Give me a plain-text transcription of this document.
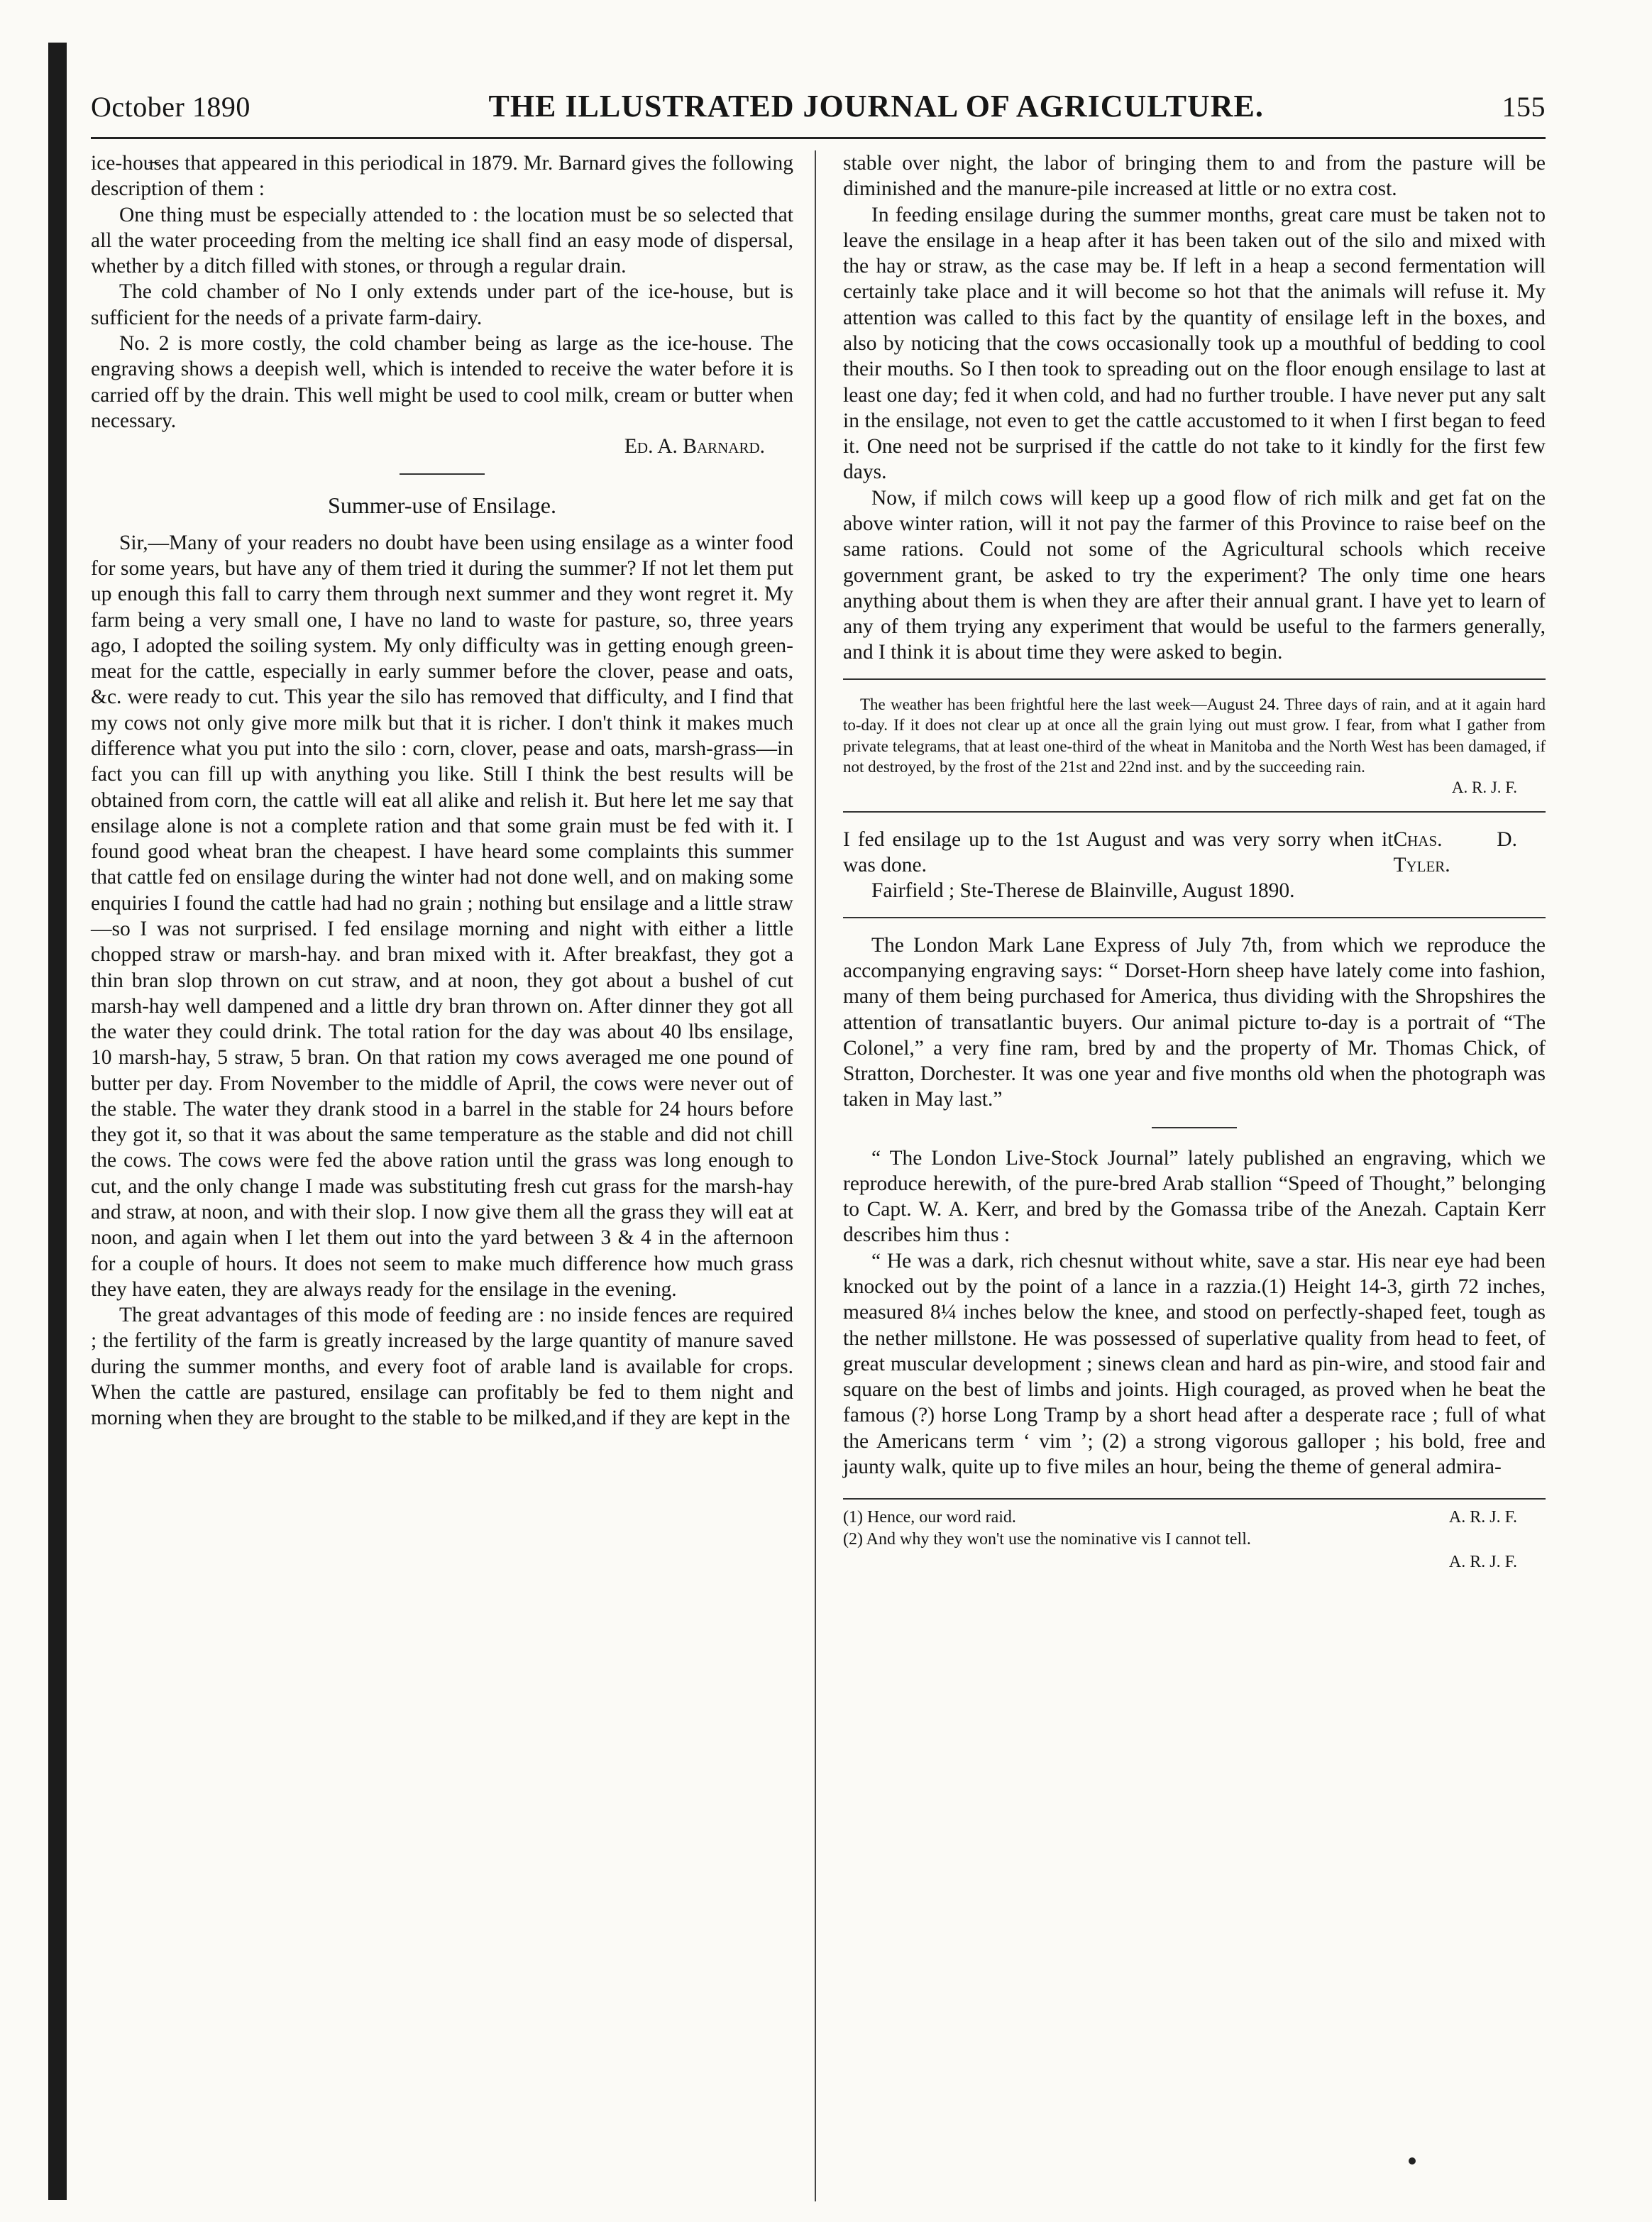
October 1890	THE ILLUSTRATED JOURNAL OF AGRICULTURE.	155

ice-hou̶ses that appeared in this periodical in 1879. Mr. Barnard gives the following description of them :

One thing must be especially attended to : the location must be so selected that all the water proceeding from the melting ice shall find an easy mode of dispersal, whether by a ditch filled with stones, or through a regular drain.

The cold chamber of No I only extends under part of the ice-house, but is sufficient for the needs of a private farm-dairy.

No. 2 is more costly, the cold chamber being as large as the ice-house. The engraving shows a deepish well, which is intended to receive the water before it is carried off by the drain. This well might be used to cool milk, cream or butter when necessary.

Ed. A. Barnard.

Summer-use of Ensilage.

Sir,—Many of your readers no doubt have been using ensilage as a winter food for some years, but have any of them tried it during the summer? If not let them put up enough this fall to carry them through next summer and they wont regret it. My farm being a very small one, I have no land to waste for pasture, so, three years ago, I adopted the soiling system. My only difficulty was in getting enough green-meat for the cattle, especially in early summer before the clover, pease and oats, &c. were ready to cut. This year the silo has removed that difficulty, and I find that my cows not only give more milk but that it is richer. I don't think it makes much difference what you put into the silo : corn, clover, pease and oats, marsh-grass—in fact you can fill up with anything you like. Still I think the best results will be obtained from corn, the cattle will eat all alike and relish it. But here let me say that ensilage alone is not a complete ration and that some grain must be fed with it. I found good wheat bran the cheapest. I have heard some complaints this summer that cattle fed on ensilage during the winter had not done well, and on making some enquiries I found the cattle had had no grain ; nothing but ensilage and a little straw—so I was not surprised. I fed ensilage morning and night with either a little chopped straw or marsh-hay. and bran mixed with it. After breakfast, they got a thin bran slop thrown on cut straw, and at noon, they got about a bushel of cut marsh-hay well dampened and a little dry bran thrown on. After dinner they got all the water they could drink. The total ration for the day was about 40 lbs ensilage, 10 marsh-hay, 5 straw, 5 bran. On that ration my cows averaged me one pound of butter per day. From November to the middle of April, the cows were never out of the stable. The water they drank stood in a barrel in the stable for 24 hours before they got it, so that it was about the same temperature as the stable and did not chill the cows. The cows were fed the above ration until the grass was long enough to cut, and the only change I made was substituting fresh cut grass for the marsh-hay and straw, at noon, and with their slop. I now give them all the grass they will eat at noon, and again when I let them out into the yard between 3 & 4 in the afternoon for a couple of hours. It does not seem to make much difference how much grass they have eaten, they are always ready for the ensilage in the evening.

The great advantages of this mode of feeding are : no inside fences are required ; the fertility of the farm is greatly increased by the large quantity of manure saved during the summer months, and every foot of arable land is available for crops. When the cattle are pastured, ensilage can profitably be fed to them night and morning when they are brought to the stable to be milked,and if they are kept in the

stable over night, the labor of bringing them to and from the pasture will be diminished and the manure-pile increased at little or no extra cost.

In feeding ensilage during the summer months, great care must be taken not to leave the ensilage in a heap after it has been taken out of the silo and mixed with the hay or straw, as the case may be. If left in a heap a second fermentation will certainly take place and it will become so hot that the animals will refuse it. My attention was called to this fact by the quantity of ensilage left in the boxes, and also by noticing that the cows occasionally took up a mouthful of bedding to cool their mouths. So I then took to spreading out on the floor enough ensilage to last at least one day; fed it when cold, and had no further trouble. I have never put any salt in the ensilage, not even to get the cattle accustomed to it when I first began to feed it. One need not be surprised if the cattle do not take to it kindly for the first few days.

Now, if milch cows will keep up a good flow of rich milk and get fat on the above winter ration, will it not pay the farmer of this Province to raise beef on the same rations. Could not some of the Agricultural schools which receive government grant, be asked to try the experiment? The only time one hears anything about them is when they are after their annual grant. I have yet to learn of any of them trying any experiment that would be useful to the farmers generally, and I think it is about time they were asked to begin.

The weather has been frightful here the last week—August 24. Three days of rain, and at it again hard to-day. If it does not clear up at once all the grain lying out must grow. I fear, from what I gather from private telegrams, that at least one-third of the wheat in Manitoba and the North West has been damaged, if not destroyed, by the frost of the 21st and 22nd inst. and by the succeeding rain.

A. R. J. F.

I fed ensilage up to the 1st August and was very sorry when it was done.
Chas. D. Tyler.

Fairfield ; Ste-Therese de Blainville, August 1890.

The London Mark Lane Express of July 7th, from which we reproduce the accompanying engraving says: “ Dorset-Horn sheep have lately come into fashion, many of them being purchased for America, thus dividing with the Shropshires the attention of transatlantic buyers. Our animal picture to-day is a portrait of “The Colonel,” a very fine ram, bred by and the property of Mr. Thomas Chick, of Stratton, Dorchester. It was one year and five months old when the photograph was taken in May last.”

“ The London Live-Stock Journal” lately published an engraving, which we reproduce herewith, of the pure-bred Arab stallion “Speed of Thought,” belonging to Capt. W. A. Kerr, and bred by the Gomassa tribe of the Anezah. Captain Kerr describes him thus :

“ He was a dark, rich chesnut without white, save a star. His near eye had been knocked out by the point of a lance in a razzia.(1) Height 14-3, girth 72 inches, measured 8¼ inches below the knee, and stood on perfectly-shaped feet, tough as the nether millstone. He was possessed of superlative quality from head to feet, of great muscular development ; sinews clean and hard as pin-wire, and stood fair and square on the best of limbs and joints. High couraged, as proved when he beat the famous (?) horse Long Tramp by a short head after a desperate race ; full of what the Americans term ‘ vim ’; (2) a strong vigorous galloper ; his bold, free and jaunty walk, quite up to five miles an hour, being the theme of general admira-

(1) Hence, our word raid.	A. R. J. F.
(2) And why they won't use the nominative vis I cannot tell.
A. R. J. F.
